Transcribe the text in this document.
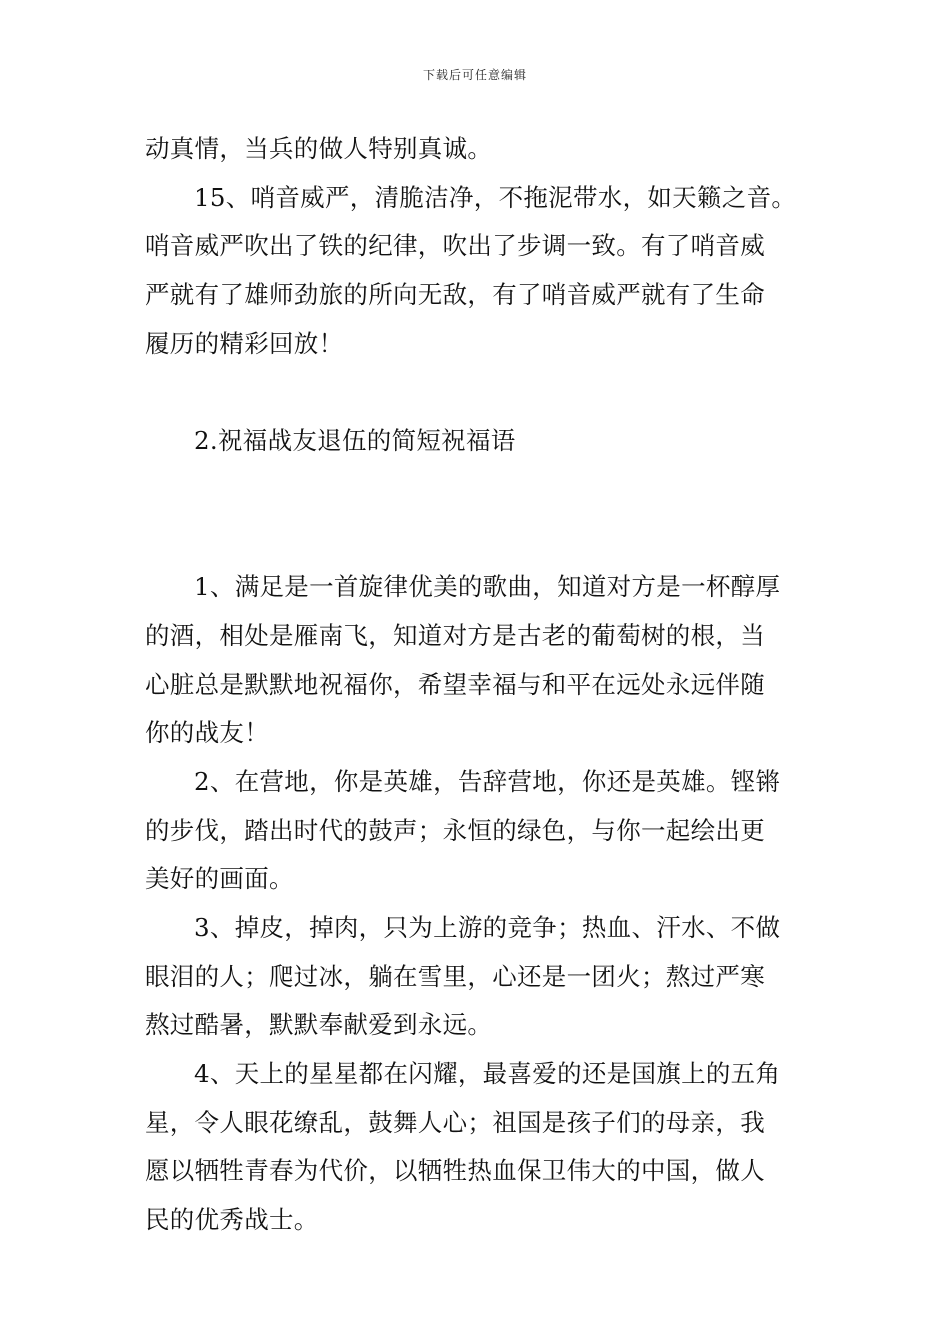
下载后可任意编辑
动真情，当兵的做人特别真诚。
15、哨音威严，清脆洁净，不拖泥带水，如天籁之音。
哨音威严吹出了铁的纪律，吹出了步调一致。有了哨音威
严就有了雄师劲旅的所向无敌，有了哨音威严就有了生命
履历的精彩回放！
2.祝福战友退伍的简短祝福语
1、满足是一首旋律优美的歌曲，知道对方是一杯醇厚
的酒，相处是雁南飞，知道对方是古老的葡萄树的根，当
心脏总是默默地祝福你，希望幸福与和平在远处永远伴随
你的战友！
2、在营地，你是英雄，告辞营地，你还是英雄。铿锵
的步伐，踏出时代的鼓声；永恒的绿色，与你一起绘出更
美好的画面。
3、掉皮，掉肉，只为上游的竞争；热血、汗水、不做
眼泪的人；爬过冰，躺在雪里，心还是一团火；熬过严寒
熬过酷暑，默默奉献爱到永远。
4、天上的星星都在闪耀，最喜爱的还是国旗上的五角
星，令人眼花缭乱，鼓舞人心；祖国是孩子们的母亲，我
愿以牺牲青春为代价，以牺牲热血保卫伟大的中国，做人
民的优秀战士。
